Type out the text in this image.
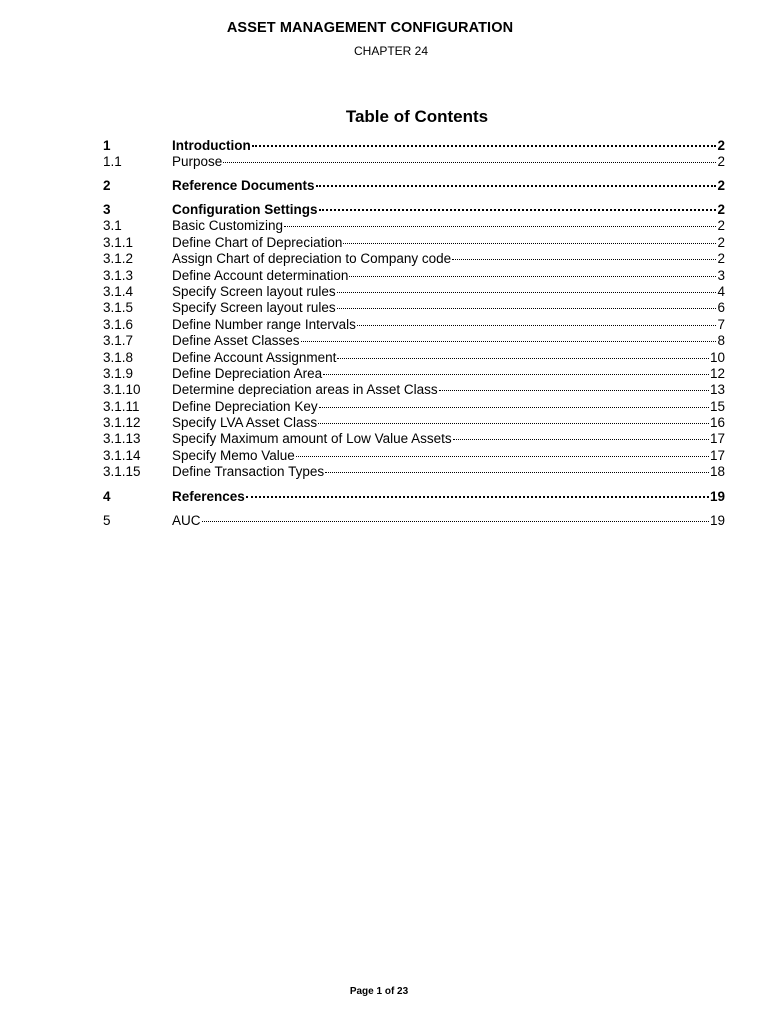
ASSET MANAGEMENT CONFIGURATION
CHAPTER 24
Table of Contents
1	Introduction	2
1.1	Purpose	2
2	Reference Documents	2
3	Configuration Settings	2
3.1	Basic Customizing	2
3.1.1	Define Chart of Depreciation	2
3.1.2	Assign Chart of depreciation to Company code	2
3.1.3	Define Account determination	3
3.1.4	Specify Screen layout rules	4
3.1.5	Specify Screen layout rules	6
3.1.6	Define Number range Intervals	7
3.1.7	Define Asset Classes	8
3.1.8	Define Account Assignment	10
3.1.9	Define Depreciation Area	12
3.1.10	Determine depreciation areas in Asset Class	13
3.1.11	Define Depreciation Key	15
3.1.12	Specify LVA Asset Class	16
3.1.13	Specify Maximum amount of Low Value Assets	17
3.1.14	Specify Memo Value	17
3.1.15	Define Transaction Types	18
4	References	19
5	AUC	19
Page 1 of 23
